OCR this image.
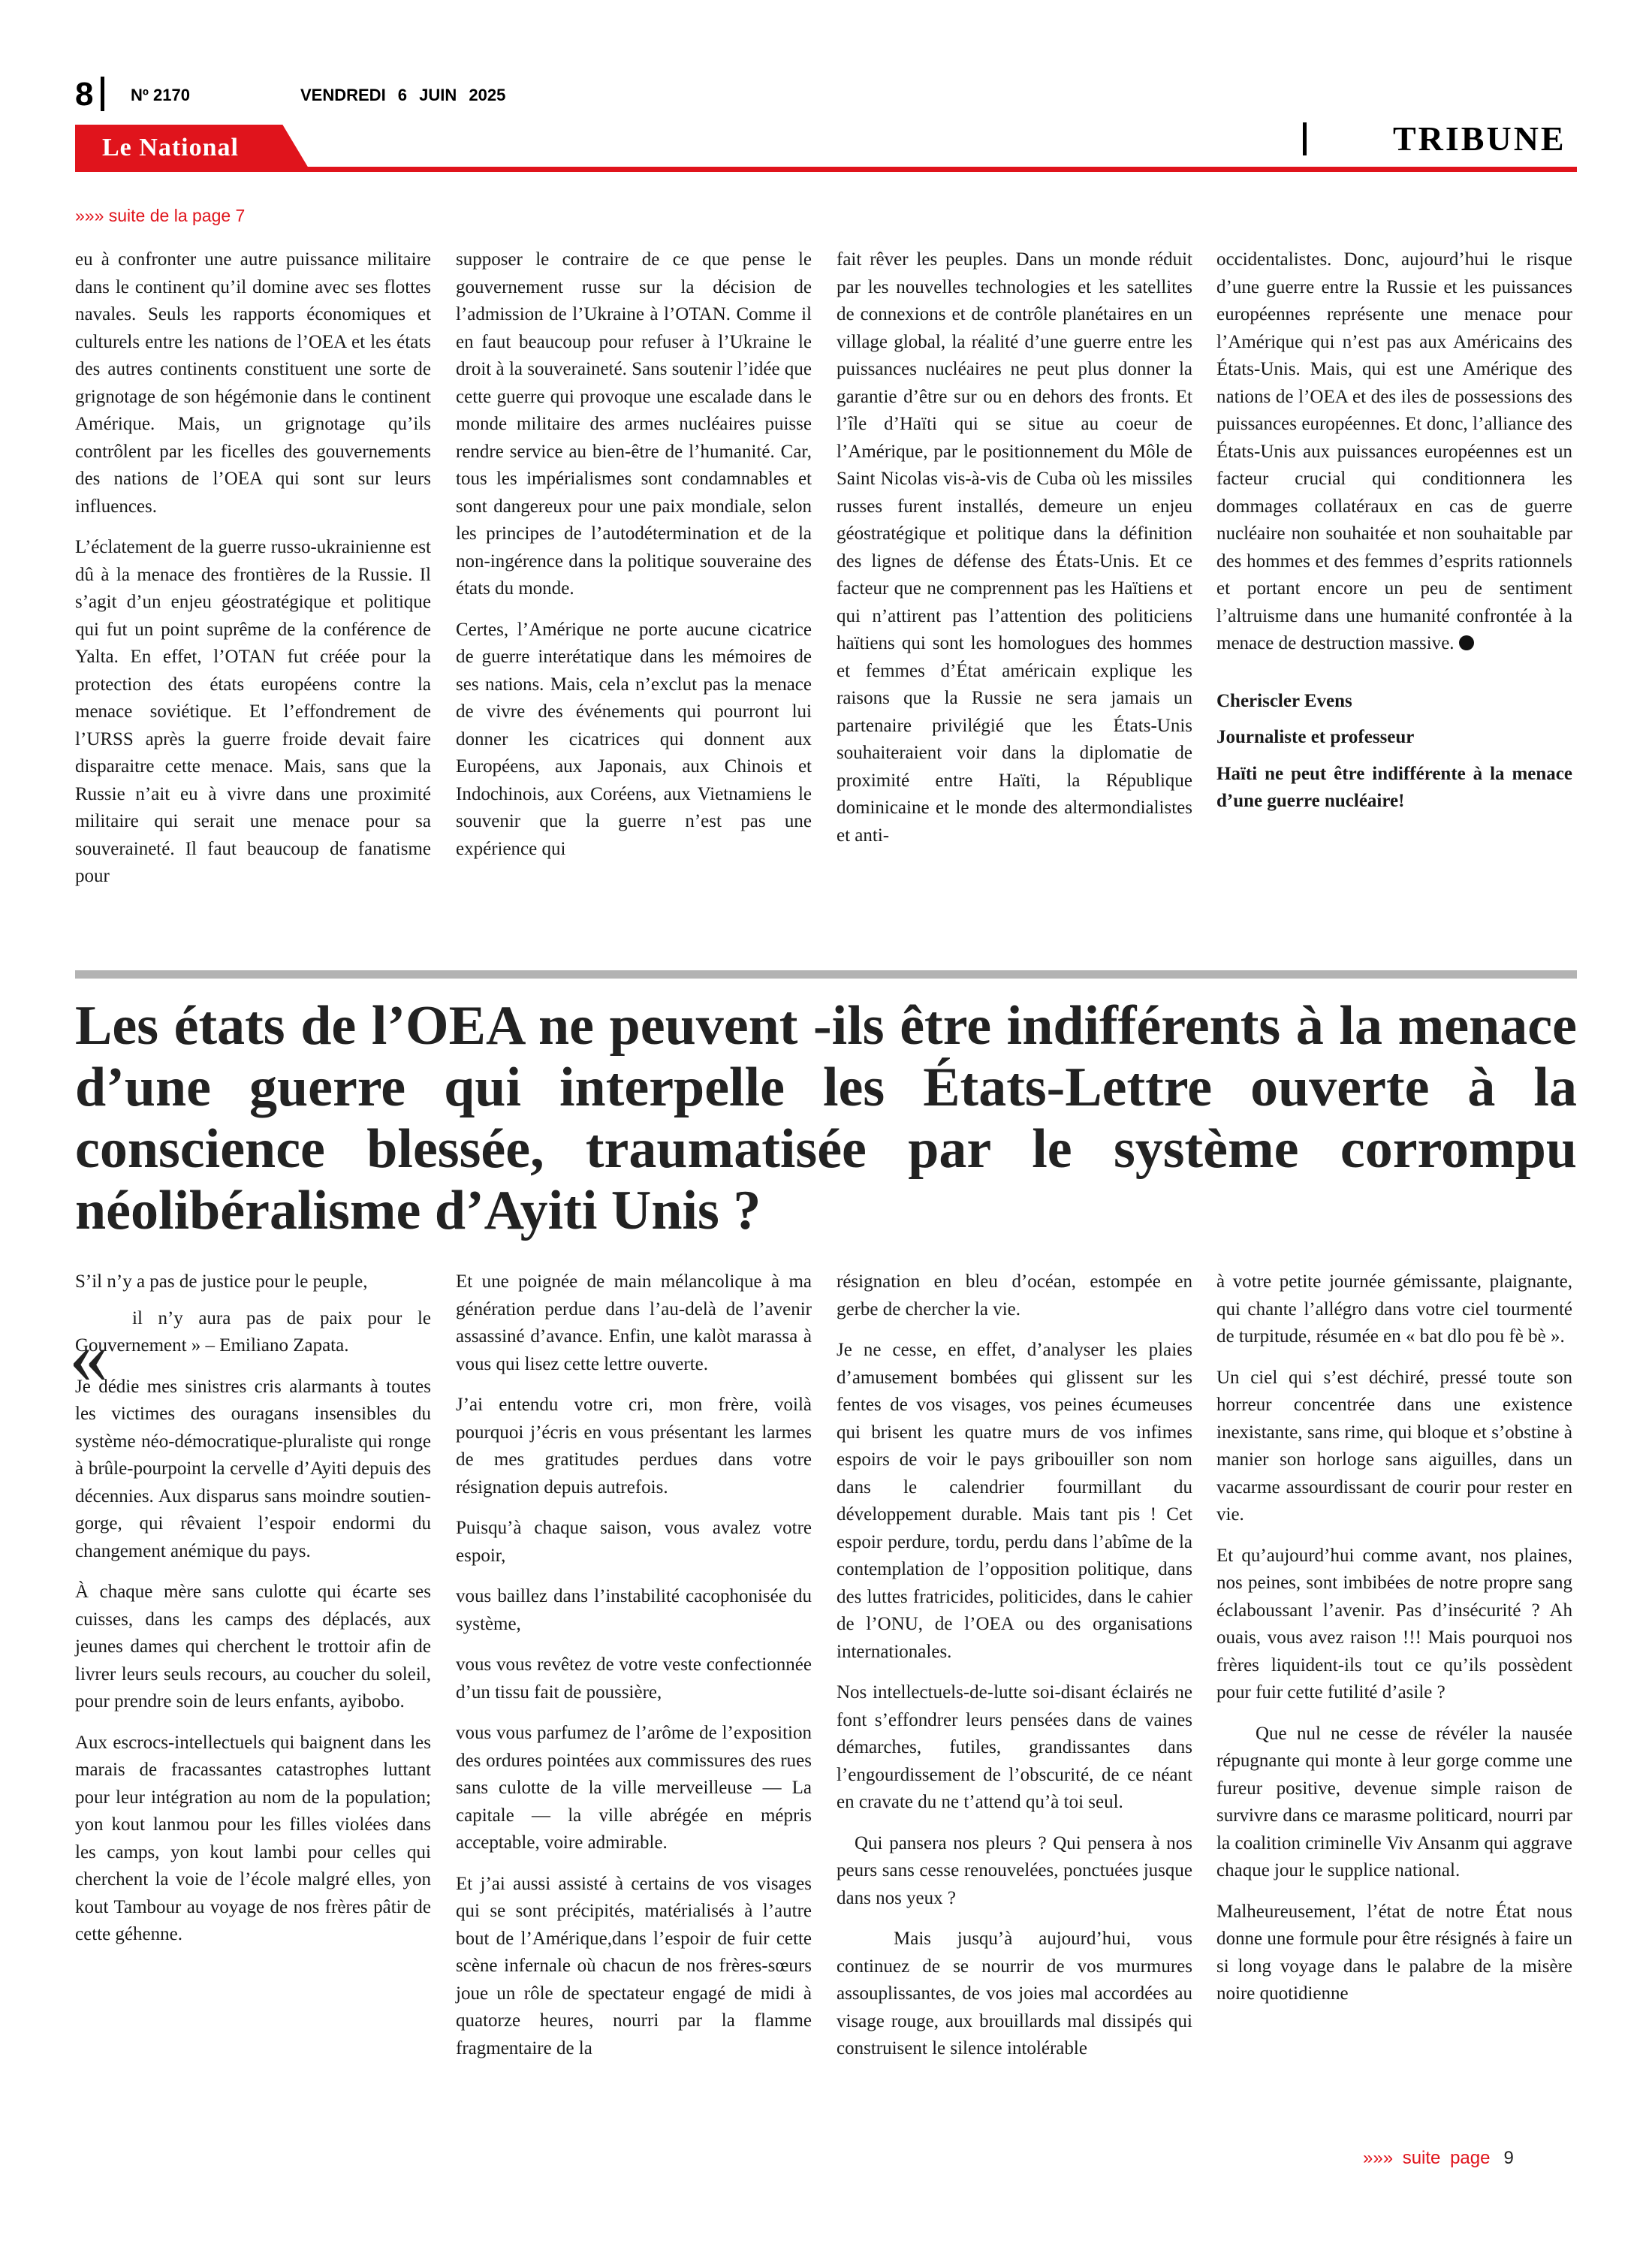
8 Nº 2170	VENDREDI 6 JUIN 2025
Le National	TRIBUNE
»»» suite de la page 7

eu à confronter une autre puissance militaire dans le continent qu’il domine avec ses flottes navales. Seuls les rapports économiques et culturels entre les nations de l’OEA et les états des autres continents constituent une sorte de grignotage de son hégémonie dans le continent Amérique. Mais, un grignotage qu’ils contrôlent par les ficelles des gouvernements des nations de l’OEA qui sont sur leurs influences.

L’éclatement de la guerre russo-ukrainienne est dû à la menace des frontières de la Russie. Il s’agit d’un enjeu géostratégique et politique qui fut un point suprême de la conférence de Yalta. En effet, l’OTAN fut créée pour la protection des états européens contre la menace soviétique. Et l’effondrement de l’URSS après la guerre froide devait faire disparaitre cette menace. Mais, sans que la Russie n’ait eu à vivre dans une proximité militaire qui serait une menace pour sa souveraineté. Il faut beaucoup de fanatisme pour

supposer le contraire de ce que pense le gouvernement russe sur la décision de l’admission de l’Ukraine à l’OTAN. Comme il en faut beaucoup pour refuser à l’Ukraine le droit à la souveraineté. Sans soutenir l’idée que cette guerre qui provoque une escalade dans le monde militaire des armes nucléaires puisse rendre service au bien-être de l’humanité. Car, tous les impérialismes sont condamnables et sont dangereux pour une paix mondiale, selon les principes de l’autodétermination et de la non-ingérence dans la politique souveraine des états du monde.

Certes, l’Amérique ne porte aucune cicatrice de guerre interétatique dans les mémoires de ses nations. Mais, cela n’exclut pas la menace de vivre des événements qui pourront lui donner les cicatrices qui donnent aux Européens, aux Japonais, aux Chinois et Indochinois, aux Coréens, aux Vietnamiens le souvenir que la guerre n’est pas une expérience qui

fait rêver les peuples. Dans un monde réduit par les nouvelles technologies et les satellites de connexions et de contrôle planétaires en un village global, la réalité d’une guerre entre les puissances nucléaires ne peut plus donner la garantie d’être sur ou en dehors des fronts. Et l’île d’Haïti qui se situe au coeur de l’Amérique, par le positionnement du Môle de Saint Nicolas vis-à-vis de Cuba où les missiles russes furent installés, demeure un enjeu géostratégique et politique dans la définition des lignes de défense des États-Unis. Et ce facteur que ne comprennent pas les Haïtiens et qui n’attirent pas l’attention des politiciens haïtiens qui sont les homologues des hommes et femmes d’État américain explique les raisons que la Russie ne sera jamais un partenaire privilégié que les États-Unis souhaiteraient voir dans la diplomatie de proximité entre Haïti, la République dominicaine et le monde des altermondialistes et anti-

occidentalistes. Donc, aujourd’hui le risque d’une guerre entre la Russie et les puissances européennes représente une menace pour l’Amérique qui n’est pas aux Américains des États-Unis. Mais, qui est une Amérique des nations de l’OEA et des iles de possessions des puissances européennes. Et donc, l’alliance des États-Unis aux puissances européennes est un facteur crucial qui conditionnera les dommages collatéraux en cas de guerre nucléaire non souhaitée et non souhaitable par des hommes et des femmes d’esprits rationnels et portant encore un peu de sentiment l’altruisme dans une humanité confrontée à la menace de destruction massive.

Cheriscler Evens

Journaliste et professeur

Haïti ne peut être indifférente à la menace d’une guerre nucléaire!

Les états de l’OEA ne peuvent -ils être indifférents à la menace d’une guerre qui interpelle les États-Lettre ouverte à la conscience blessée, traumatisée par le système corrompu néolibéralisme d’Ayiti Unis ?
«

S’il n’y a pas de justice pour le peuple,

il n’y aura pas de paix pour le Gouvernement » – Emiliano Zapata.

Je dédie mes sinistres cris alarmants à toutes les victimes des ouragans insensibles du système néo-démocratique-pluraliste qui ronge à brûle-pourpoint la cervelle d’Ayiti depuis des décennies. Aux disparus sans moindre soutien-gorge, qui rêvaient l’espoir endormi du changement anémique du pays.

À chaque mère sans culotte qui écarte ses cuisses, dans les camps des déplacés, aux jeunes dames qui cherchent le trottoir afin de livrer leurs seuls recours, au coucher du soleil, pour prendre soin de leurs enfants, ayibobo.

Aux escrocs-intellectuels qui baignent dans les marais de fracassantes catastrophes luttant pour leur intégration au nom de la population; yon kout lanmou pour les filles violées dans les camps, yon kout lambi pour celles qui cherchent la voie de l’école malgré elles, yon kout Tambour au voyage de nos frères pâtir de cette géhenne.

Et une poignée de main mélancolique à ma génération perdue dans l’au-delà de l’avenir assassiné d’avance. Enfin, une kalòt marassa à vous qui lisez cette lettre ouverte.

J’ai entendu votre cri, mon frère, voilà pourquoi j’écris en vous présentant les larmes de mes gratitudes perdues dans votre résignation depuis autrefois.

Puisqu’à chaque saison, vous avalez votre espoir,

vous baillez dans l’instabilité cacophonisée du système,

vous vous revêtez de votre veste confectionnée d’un tissu fait de poussière,

vous vous parfumez de l’arôme de l’exposition des ordures pointées aux commissures des rues sans culotte de la ville merveilleuse — La capitale — la ville abrégée en mépris acceptable, voire admirable.

Et j’ai aussi assisté à certains de vos visages qui se sont précipités, matérialisés à l’autre bout de l’Amérique,dans l’espoir de fuir cette scène infernale où chacun de nos frères-sœurs joue un rôle de spectateur engagé de midi à quatorze heures, nourri par la flamme fragmentaire de la

résignation en bleu d’océan, estompée en gerbe de chercher la vie.

Je ne cesse, en effet, d’analyser les plaies d’amusement bombées qui glissent sur les fentes de vos visages, vos peines écumeuses qui brisent les quatre murs de vos infimes espoirs de voir le pays gribouiller son nom dans le calendrier fourmillant du développement durable. Mais tant pis ! Cet espoir perdure, tordu, perdu dans l’abîme de la contemplation de l’opposition politique, dans des luttes fratricides, politicides, dans le cahier de l’ONU, de l’OEA ou des organisations internationales.

Nos intellectuels-de-lutte soi-disant éclairés ne font s’effondrer leurs pensées dans de vaines démarches, futiles, grandissantes dans l’engourdissement de l’obscurité, de ce néant en cravate du ne t’attend qu’à toi seul.

Qui pansera nos pleurs ? Qui pensera à nos peurs sans cesse renouvelées, ponctuées jusque dans nos yeux ?

Mais jusqu’à aujourd’hui, vous continuez de se nourrir de vos murmures assouplissantes, de vos joies mal accordées au visage rouge, aux brouillards mal dissipés qui construisent le silence intolérable

à votre petite journée gémissante, plaignante, qui chante l’allégro dans votre ciel tourmenté de turpitude, résumée en « bat dlo pou fè bè ».

Un ciel qui s’est déchiré, pressé toute son horreur concentrée dans une existence inexistante, sans rime, qui bloque et s’obstine à manier son horloge sans aiguilles, dans un vacarme assourdissant de courir pour rester en vie.

Et qu’aujourd’hui comme avant, nos plaines, nos peines, sont imbibées de notre propre sang éclaboussant l’avenir. Pas d’insécurité ? Ah ouais, vous avez raison !!! Mais pourquoi nos frères liquident-ils tout ce qu’ils possèdent pour fuir cette futilité d’asile ?

Que nul ne cesse de révéler la nausée répugnante qui monte à leur gorge comme une fureur positive, devenue simple raison de survivre dans ce marasme politicard, nourri par la coalition criminelle Viv Ansanm qui aggrave chaque jour le supplice national.

Malheureusement, l’état de notre État nous donne une formule pour être résignés à faire un si long voyage dans le palabre de la misère noire quotidienne

»»» suite page 9
